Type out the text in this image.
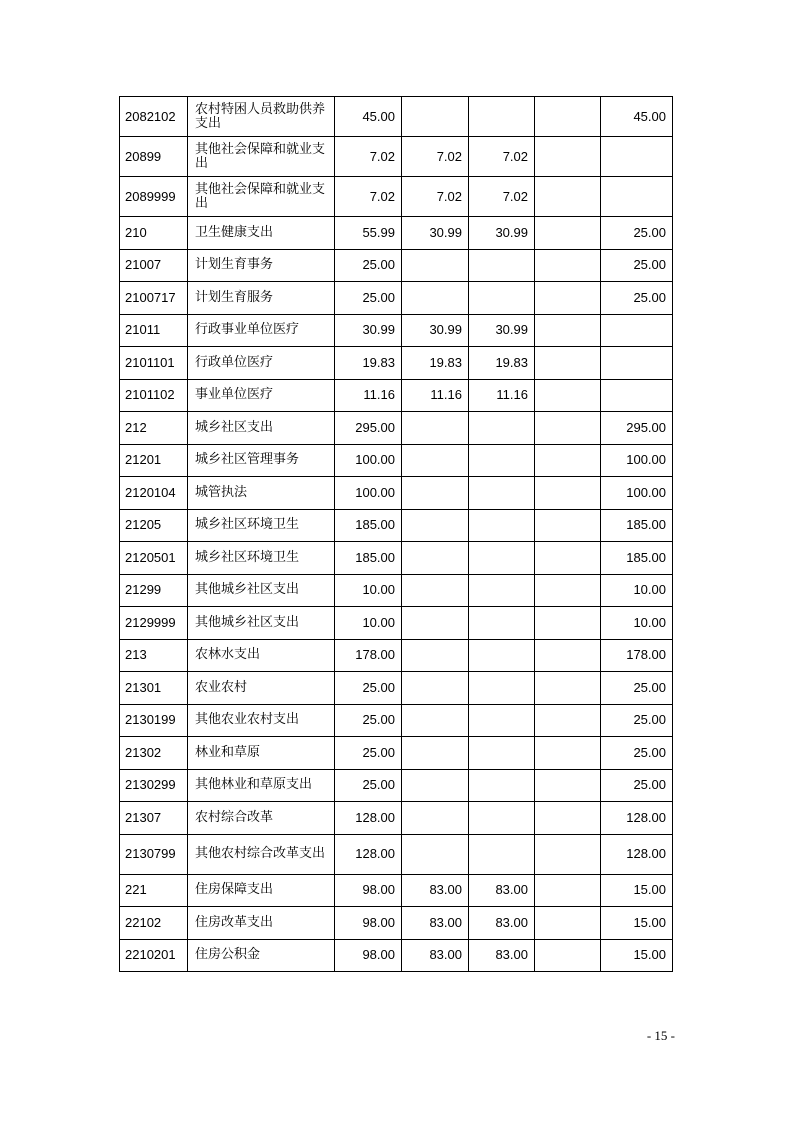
2082102	农村特困人员救助供养支出	45.00				45.00
20899	其他社会保障和就业支出	7.02	7.02	7.02		
2089999	其他社会保障和就业支出	7.02	7.02	7.02		
210	卫生健康支出	55.99	30.99	30.99		25.00
21007	计划生育事务	25.00				25.00
2100717	计划生育服务	25.00				25.00
21011	行政事业单位医疗	30.99	30.99	30.99		
2101101	行政单位医疗	19.83	19.83	19.83		
2101102	事业单位医疗	11.16	11.16	11.16		
212	城乡社区支出	295.00				295.00
21201	城乡社区管理事务	100.00				100.00
2120104	城管执法	100.00				100.00
21205	城乡社区环境卫生	185.00				185.00
2120501	城乡社区环境卫生	185.00				185.00
21299	其他城乡社区支出	10.00				10.00
2129999	其他城乡社区支出	10.00				10.00
213	农林水支出	178.00				178.00
21301	农业农村	25.00				25.00
2130199	其他农业农村支出	25.00				25.00
21302	林业和草原	25.00				25.00
2130299	其他林业和草原支出	25.00				25.00
21307	农村综合改革	128.00				128.00
2130799	其他农村综合改革支出	128.00				128.00
221	住房保障支出	98.00	83.00	83.00		15.00
22102	住房改革支出	98.00	83.00	83.00		15.00
2210201	住房公积金	98.00	83.00	83.00		15.00
- 15 -
